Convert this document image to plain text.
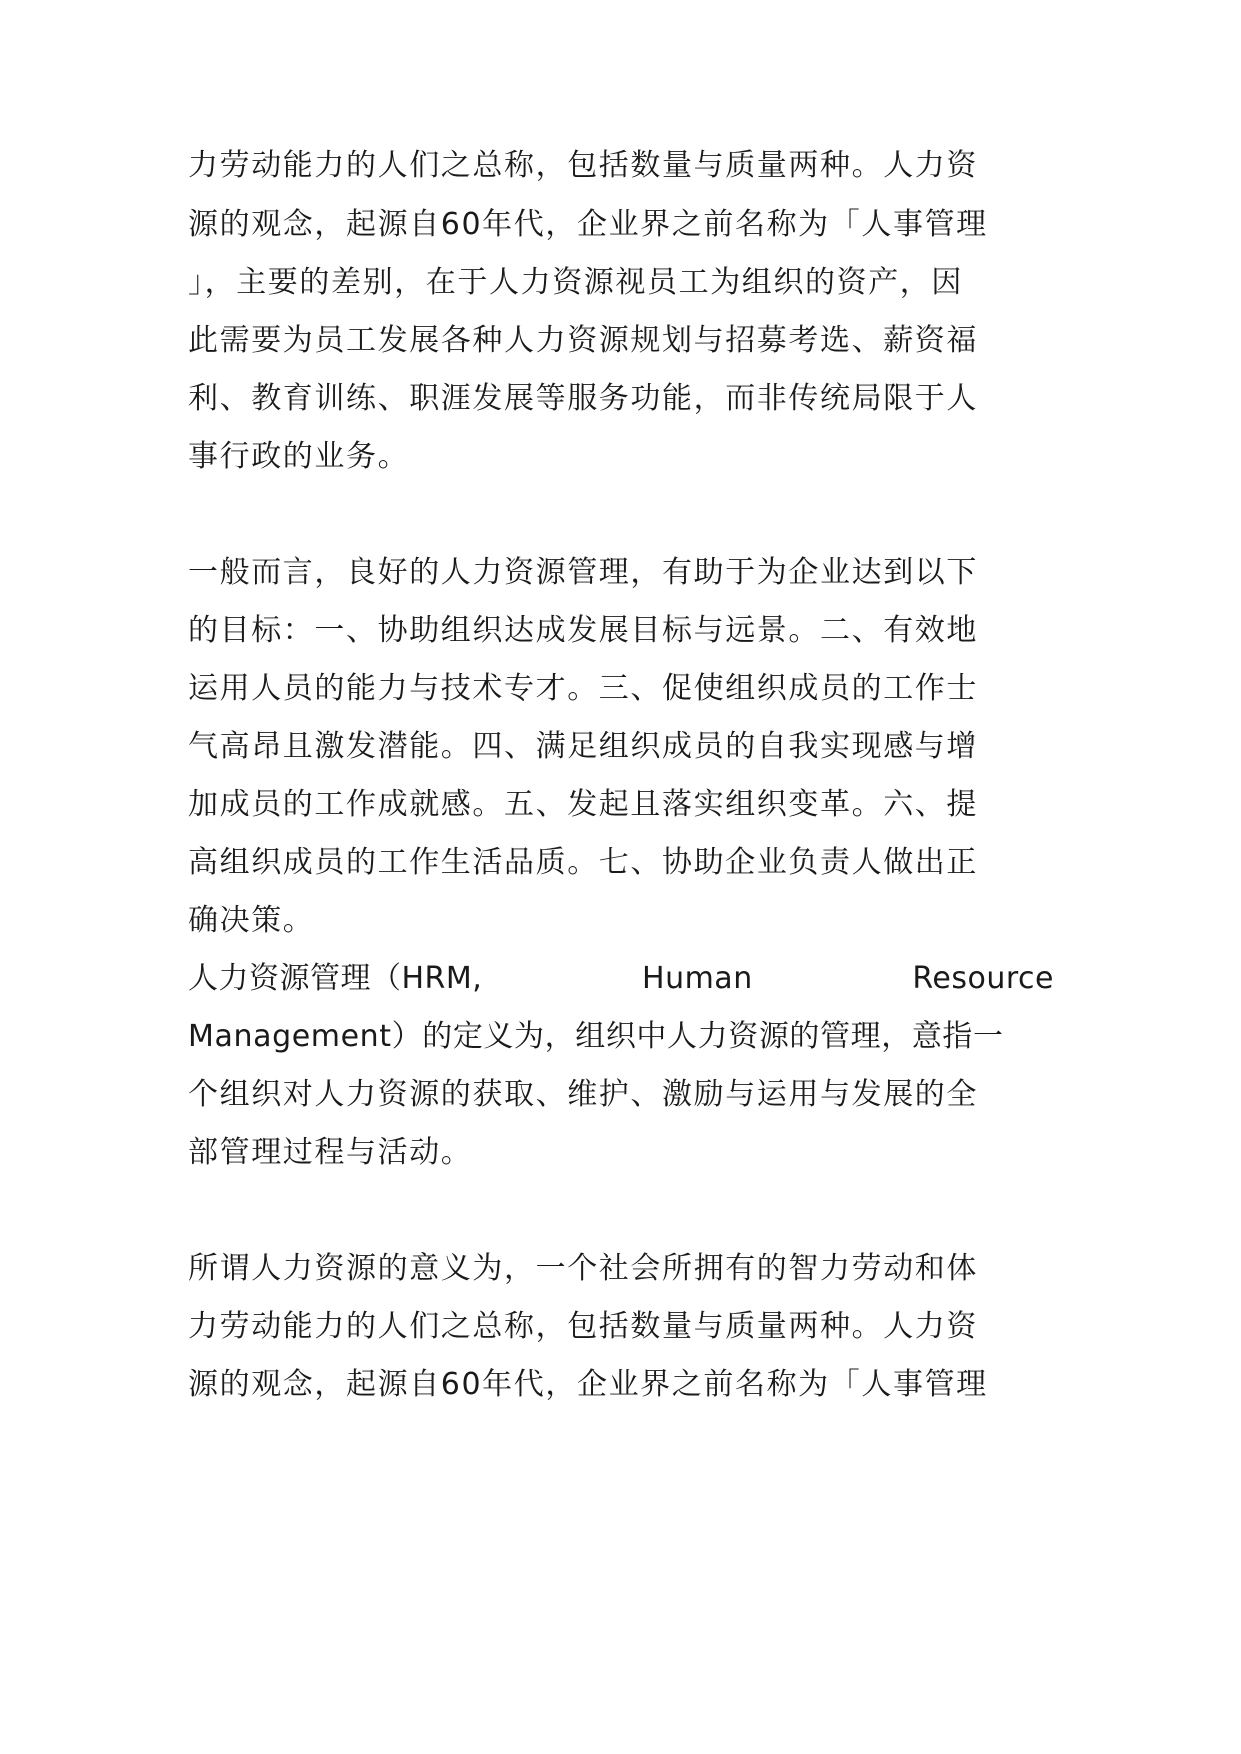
力劳动能力的人们之总称，包括数量与质量两种。人力资
源的观念，起源自60年代，企业界之前名称为「人事管理
」，主要的差别，在于人力资源视员工为组织的资产，因
此需要为员工发展各种人力资源规划与招募考选、薪资福
利、教育训练、职涯发展等服务功能，而非传统局限于人
事行政的业务。
一般而言，良好的人力资源管理，有助于为企业达到以下
的目标：一、协助组织达成发展目标与远景。二、有效地
运用人员的能力与技术专才。三、促使组织成员的工作士
气高昂且激发潜能。四、满足组织成员的自我实现感与增
加成员的工作成就感。五、发起且落实组织变革。六、提
高组织成员的工作生活品质。七、协助企业负责人做出正
确决策。
人力资源管理（HRM,	Human	Resource
Management）的定义为，组织中人力资源的管理，意指一
个组织对人力资源的获取、维护、激励与运用与发展的全
部管理过程与活动。
所谓人力资源的意义为，一个社会所拥有的智力劳动和体
力劳动能力的人们之总称，包括数量与质量两种。人力资
源的观念，起源自60年代，企业界之前名称为「人事管理
